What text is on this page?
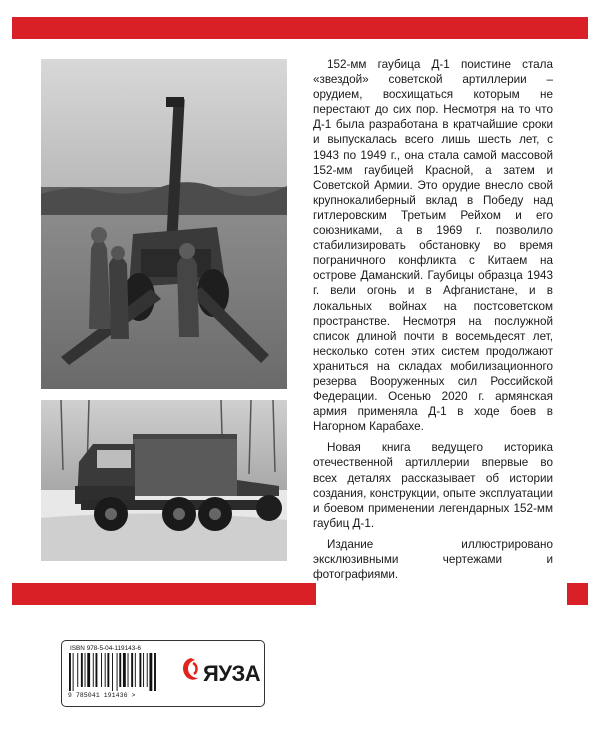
152-мм гаубица Д-1 поистине стала «звездой» советской артиллерии – орудием, восхищаться которым не перестают до сих пор. Несмотря на то что Д-1 была разработана в кратчайшие сроки и выпускалась всего лишь шесть лет, с 1943 по 1949 г., она стала самой массовой 152-мм гаубицей Красной, а затем и Советской Армии. Это орудие внесло свой крупнокалиберный вклад в Победу над гитлеровским Третьим Рейхом и его союзниками, а в 1969 г. позволило стабилизировать обстановку во время пограничного конфликта с Китаем на острове Даманский. Гаубицы образца 1943 г. вели огонь и в Афганистане, и в локальных войнах на постсоветском пространстве. Несмотря на послужной список длиной почти в восемьдесят лет, несколько сотен этих систем продолжают храниться на складах мобилизационного резерва Вооруженных сил Российской Федерации. Осенью 2020 г. армянская армия применяла Д-1 в ходе боев в Нагорном Карабахе.

Новая книга ведущего историка отечественной артиллерии впервые во всех деталях рассказывает об истории создания, конструкции, опыте эксплуатации и боевом применении легендарных 152-мм гаубиц Д-1.

Издание иллюстрировано эксклюзивными чертежами и фотографиями.

ISBN 978-5-04-119143-6
9 785041 191436 >
ЯУЗА
